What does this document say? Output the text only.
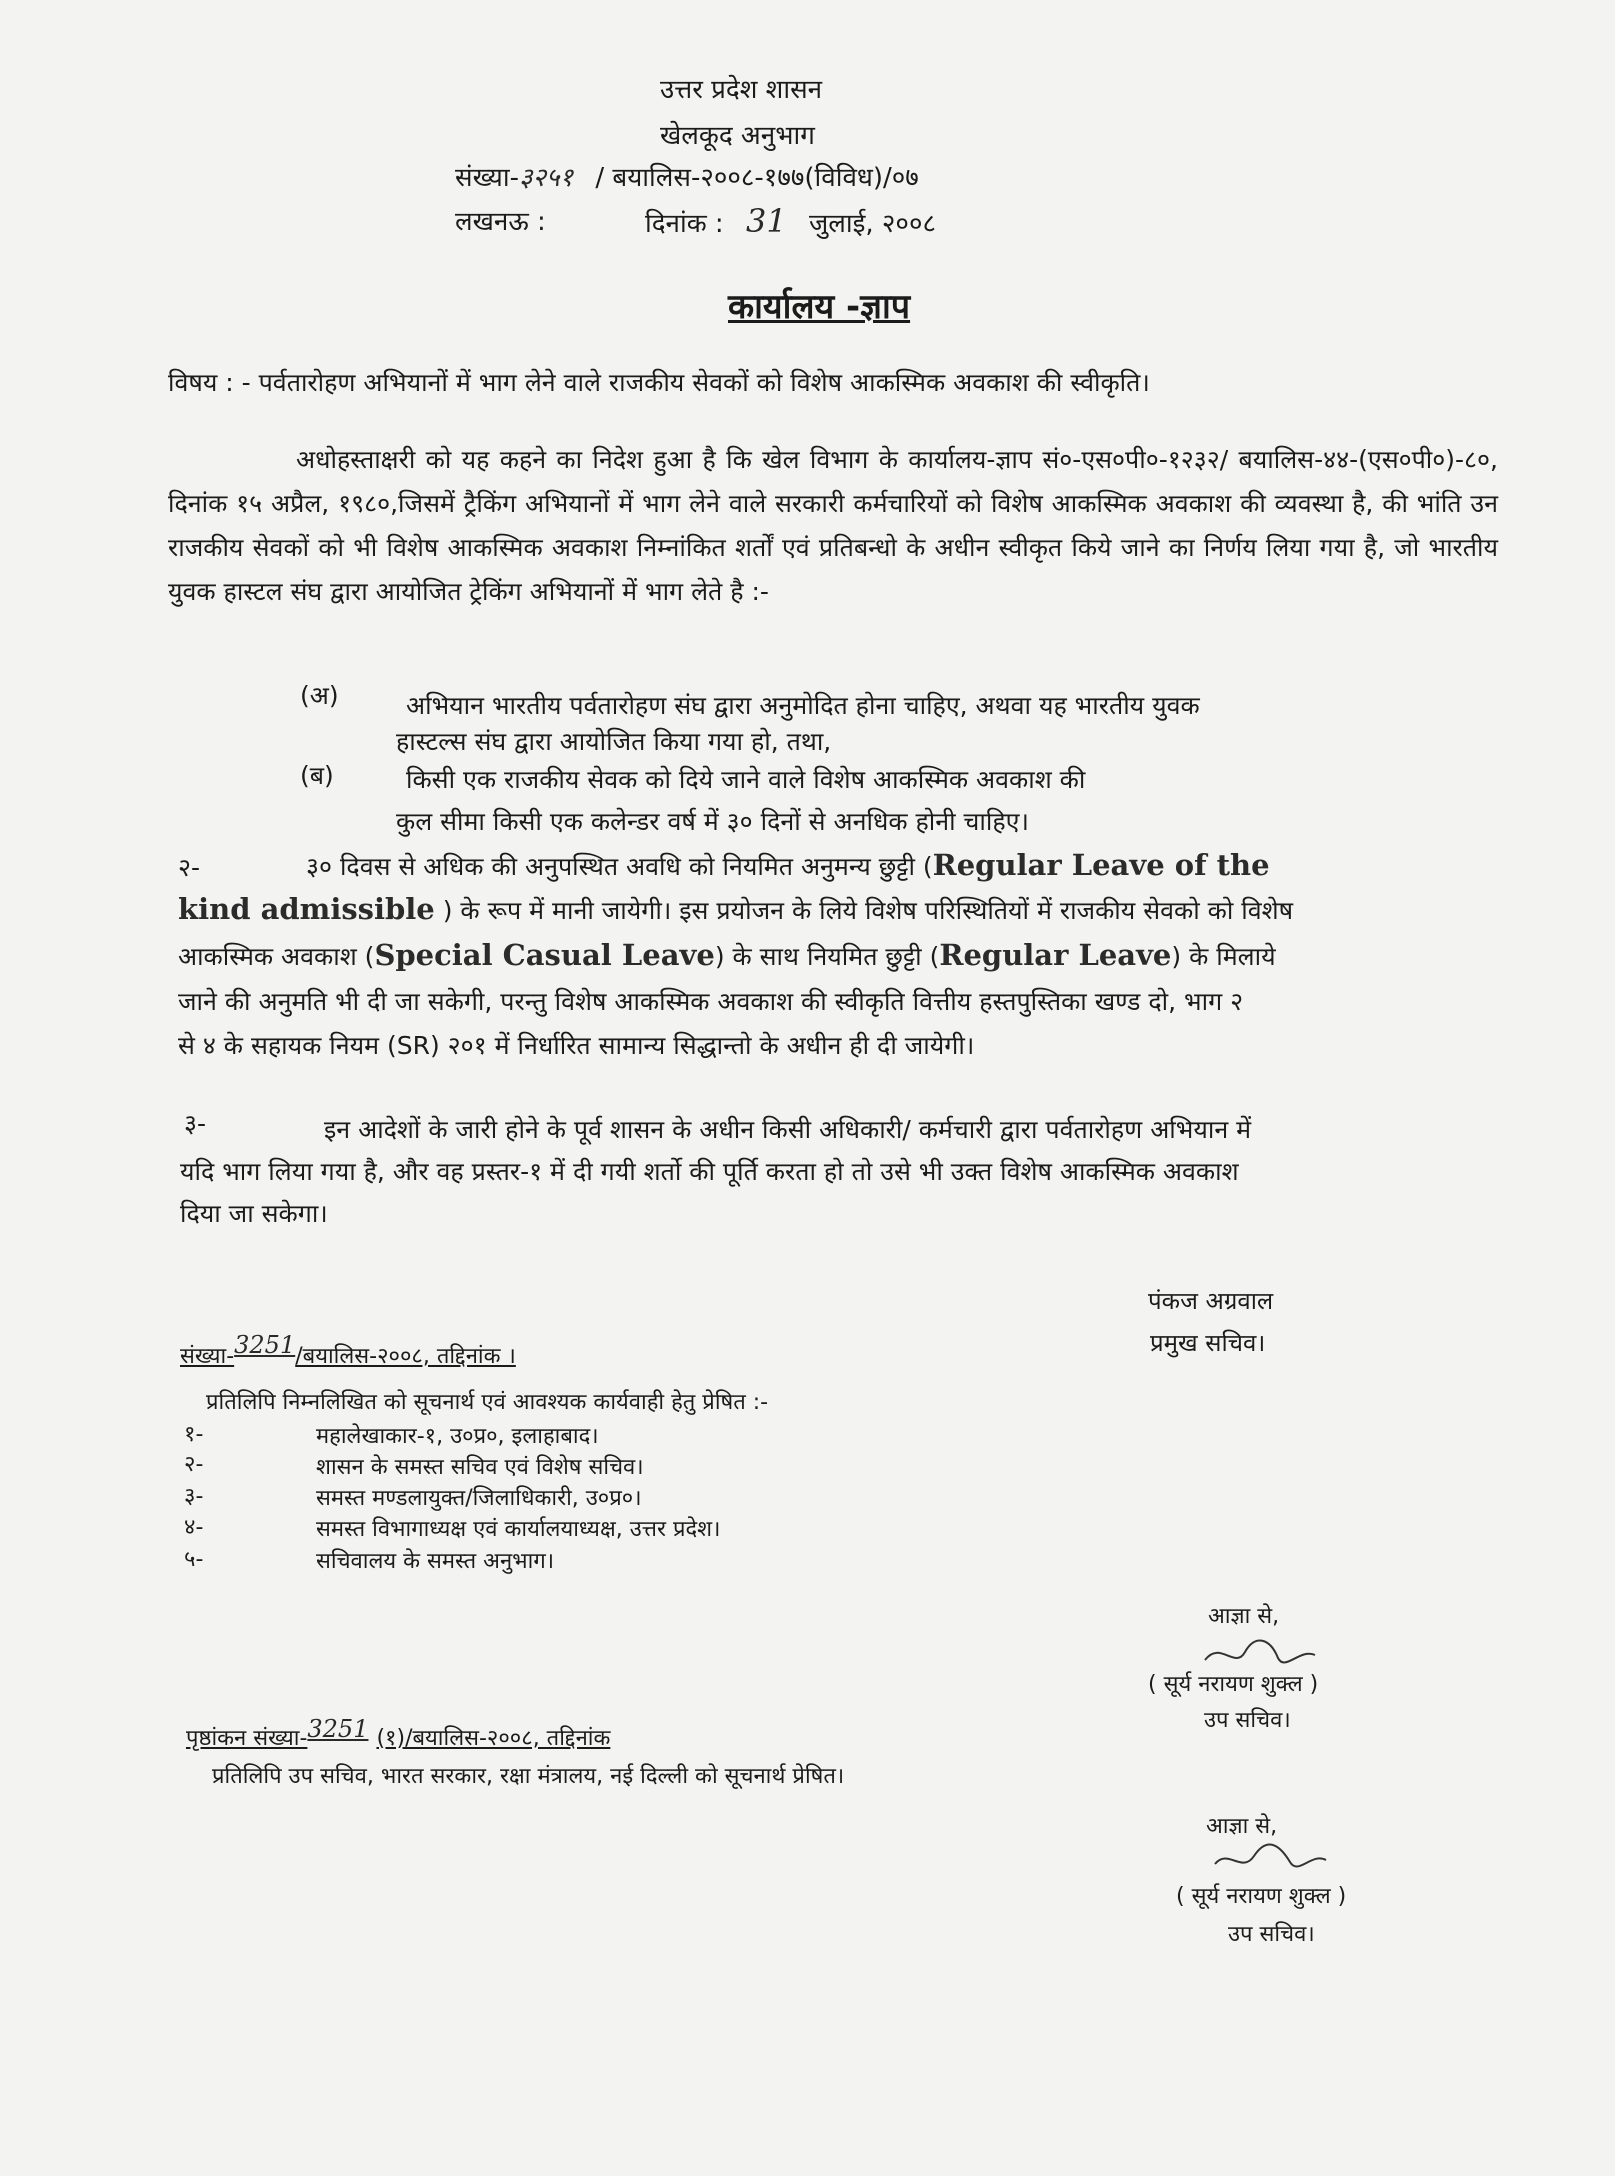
उत्तर प्रदेश शासन
खेलकूद अनुभाग
संख्या-३२५१ / बयालिस-२००८-१७७(विविध)/०७
लखनऊ :	दिनांक : 31 जुलाई, २००८
कार्यालय -ज्ञाप
विषय : - पर्वतारोहण अभियानों में भाग लेने वाले राजकीय सेवकों को विशेष आकस्मिक अवकाश की स्वीकृति।
अधोहस्ताक्षरी को यह कहने का निदेश हुआ है कि खेल विभाग के कार्यालय-ज्ञाप सं०-एस०पी०-१२३२/ बयालिस-४४-(एस०पी०)-८०, दिनांक १५ अप्रैल, १९८०,जिसमें ट्रैकिंग अभियानों में भाग लेने वाले सरकारी कर्मचारियों को विशेष आकस्मिक अवकाश की व्यवस्था है, की भांति उन राजकीय सेवकों को भी विशेष आकस्मिक अवकाश निम्नांकित शर्तों एवं प्रतिबन्धो के अधीन स्वीकृत किये जाने का निर्णय लिया गया है, जो भारतीय युवक हास्टल संघ द्वारा आयोजित ट्रेकिंग अभियानों में भाग लेते है :-
(अ)	अभियान भारतीय पर्वतारोहण संघ द्वारा अनुमोदित होना चाहिए, अथवा यह भारतीय युवक
हास्टल्स संघ द्वारा आयोजित किया गया हो, तथा,
(ब)	किसी एक राजकीय सेवक को दिये जाने वाले विशेष आकस्मिक अवकाश की
कुल सीमा किसी एक कलेन्डर वर्ष में ३० दिनों से अनधिक होनी चाहिए।
२-	३० दिवस से अधिक की अनुपस्थित अवधि को नियमित अनुमन्य छुट्टी (Regular Leave of the
kind admissible ) के रूप में मानी जायेगी। इस प्रयोजन के लिये विशेष परिस्थितियों में राजकीय सेवको को विशेष
आकस्मिक अवकाश (Special Casual Leave) के साथ नियमित छुट्टी (Regular Leave) के मिलाये
जाने की अनुमति भी दी जा सकेगी, परन्तु विशेष आकस्मिक अवकाश की स्वीकृति वित्तीय हस्तपुस्तिका खण्ड दो, भाग २
से ४ के सहायक नियम (SR) २०१ में निर्धारित सामान्य सिद्धान्तो के अधीन ही दी जायेगी।
३-	इन आदेशों के जारी होने के पूर्व शासन के अधीन किसी अधिकारी/ कर्मचारी द्वारा पर्वतारोहण अभियान में
यदि भाग लिया गया है, और वह प्रस्तर-१ में दी गयी शर्तो की पूर्ति करता हो तो उसे भी उक्त विशेष आकस्मिक अवकाश
दिया जा सकेगा।
पंकज अग्रवाल
प्रमुख सचिव।
संख्या-3251/बयालिस-२००८, तद्दिनांक ।
प्रतिलिपि निम्नलिखित को सूचनार्थ एवं आवश्यक कार्यवाही हेतु प्रेषित :-
१-	महालेखाकार-१, उ०प्र०, इलाहाबाद।
२-	शासन के समस्त सचिव एवं विशेष सचिव।
३-	समस्त मण्डलायुक्त/जिलाधिकारी, उ०प्र०।
४-	समस्त विभागाध्यक्ष एवं कार्यालयाध्यक्ष, उत्तर प्रदेश।
५-	सचिवालय के समस्त अनुभाग।
आज्ञा से,
( सूर्य नरायण शुक्ल )
उप सचिव।
पृष्ठांकन संख्या-3251 (१)/बयालिस-२००८, तद्दिनांक
प्रतिलिपि उप सचिव, भारत सरकार, रक्षा मंत्रालय, नई दिल्ली को सूचनार्थ प्रेषित।
आज्ञा से,
( सूर्य नरायण शुक्ल )
उप सचिव।
